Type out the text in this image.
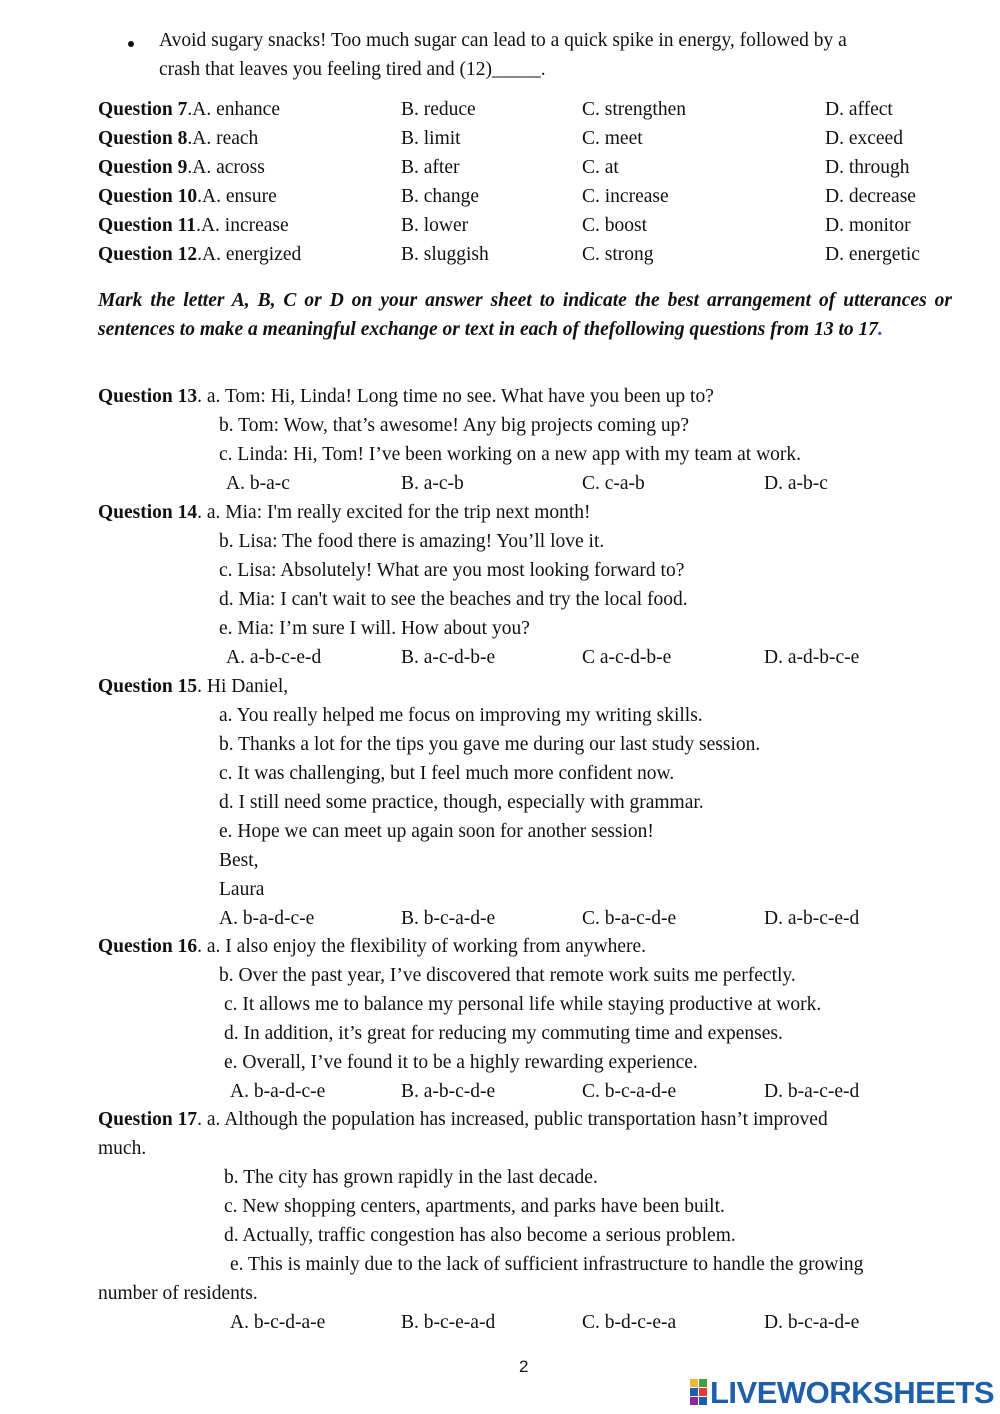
Avoid sugary snacks! Too much sugar can lead to a quick spike in energy, followed by a
crash that leaves you feeling tired and (12)_____.
Question 7.A. enhance	B. reduce	C. strengthen	D. affect
Question 8.A. reach	B. limit	C. meet	D. exceed
Question 9.A. across	B. after	C. at	D. through
Question 10.A. ensure	B. change	C. increase	D. decrease
Question 11.A. increase	B. lower	C. boost	D. monitor
Question 12.A. energized	B. sluggish	C. strong	D. energetic
Mark the letter A, B, C or D on your answer sheet to indicate the best arrangement of utterances or sentences to make a meaningful exchange or text in each of thefollowing questions from 13 to 17.
Question 13. a. Tom: Hi, Linda! Long time no see. What have you been up to?
b. Tom: Wow, that’s awesome! Any big projects coming up?
c. Linda: Hi, Tom! I’ve been working on a new app with my team at work.
A. b-a-c	B. a-c-b	C. c-a-b	D. a-b-c
Question 14. a. Mia: I'm really excited for the trip next month!
b. Lisa: The food there is amazing! You’ll love it.
c. Lisa: Absolutely! What are you most looking forward to?
d. Mia: I can't wait to see the beaches and try the local food.
e. Mia: I’m sure I will. How about you?
A. a-b-c-e-d	B. a-c-d-b-e	C a-c-d-b-e	D. a-d-b-c-e
Question 15. Hi Daniel,
a. You really helped me focus on improving my writing skills.
b. Thanks a lot for the tips you gave me during our last study session.
c. It was challenging, but I feel much more confident now.
d. I still need some practice, though, especially with grammar.
e. Hope we can meet up again soon for another session!
Best,
Laura
A. b-a-d-c-e	B. b-c-a-d-e	C. b-a-c-d-e	D. a-b-c-e-d
Question 16. a. I also enjoy the flexibility of working from anywhere.
b. Over the past year, I’ve discovered that remote work suits me perfectly.
c. It allows me to balance my personal life while staying productive at work.
d. In addition, it’s great for reducing my commuting time and expenses.
e. Overall, I’ve found it to be a highly rewarding experience.
A. b-a-d-c-e	B. a-b-c-d-e	C. b-c-a-d-e	D. b-a-c-e-d
Question 17. a. Although the population has increased, public transportation hasn’t improved
much.
b. The city has grown rapidly in the last decade.
c. New shopping centers, apartments, and parks have been built.
d. Actually, traffic congestion has also become a serious problem.
e. This is mainly due to the lack of sufficient infrastructure to handle the growing
number of residents.
A. b-c-d-a-e	B. b-c-e-a-d	C. b-d-c-e-a	D. b-c-a-d-e
2
LIVEWORKSHEETS
